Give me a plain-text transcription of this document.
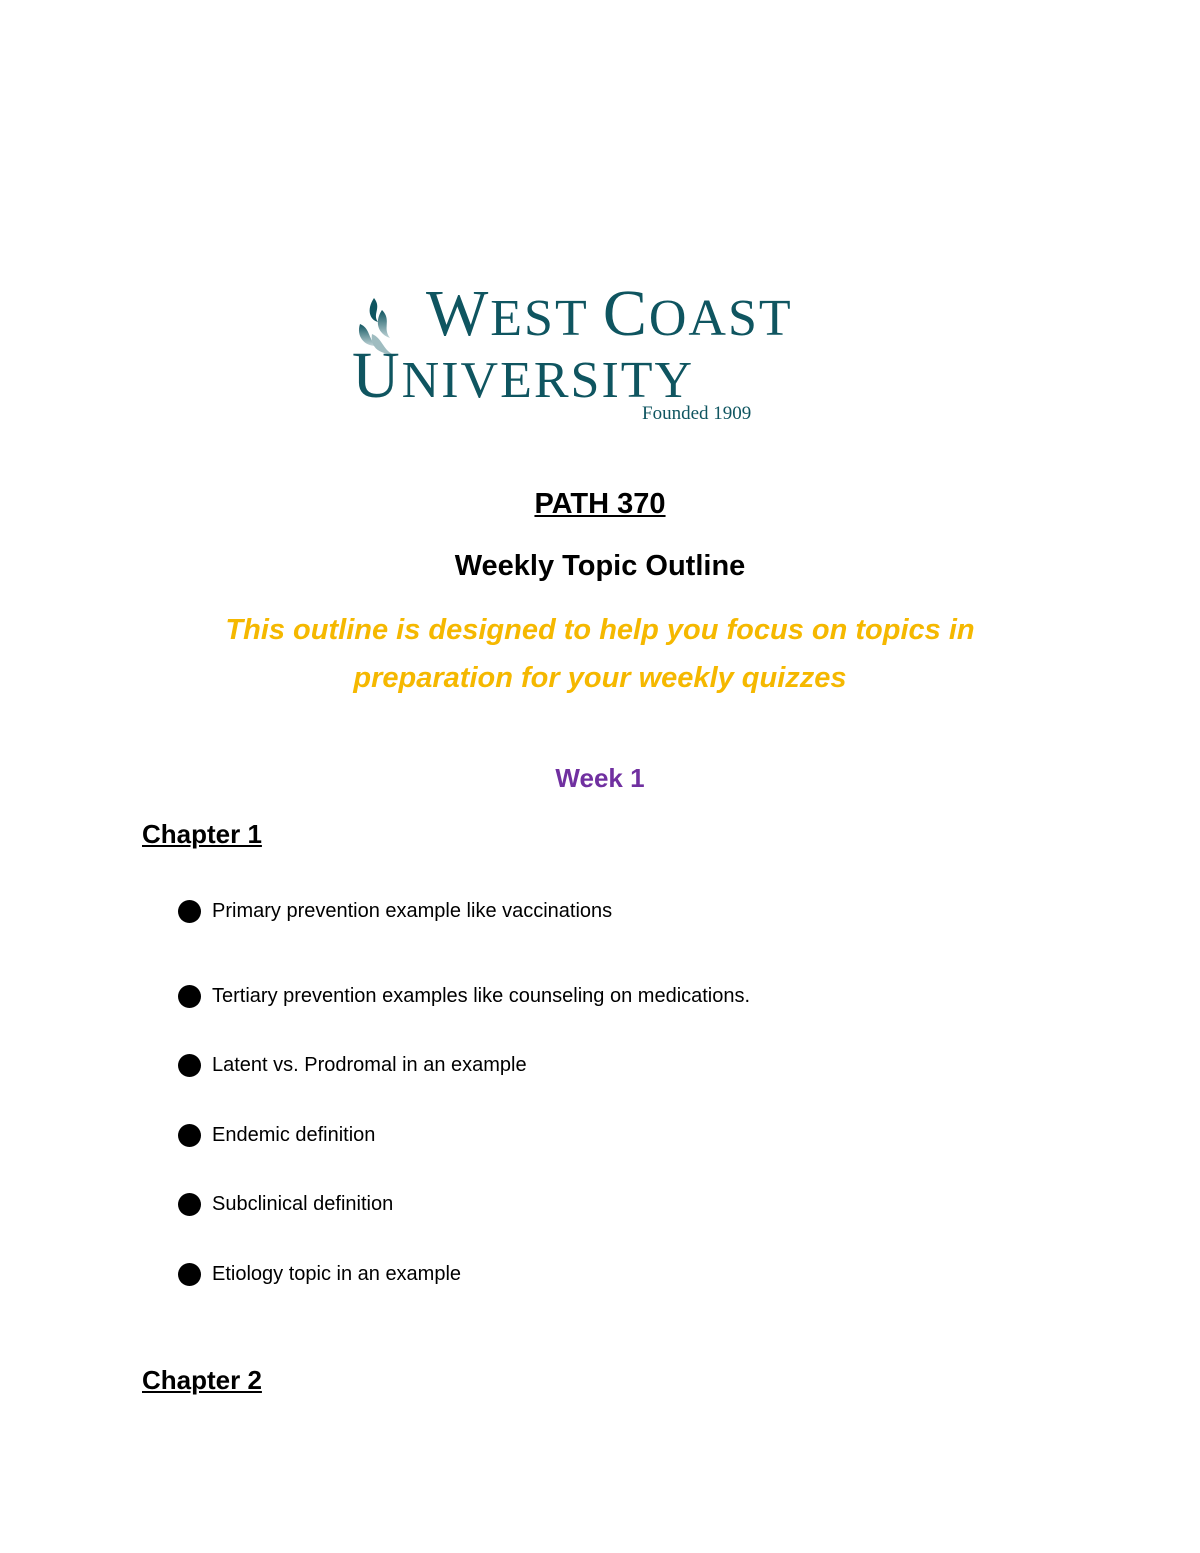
WEST COAST
UNIVERSITY
Founded 1909
PATH 370
Weekly Topic Outline
This outline is designed to help you focus on topics in
preparation for your weekly quizzes
Week 1
Chapter 1
Primary prevention example like vaccinations
Tertiary prevention examples like counseling on medications.
Latent vs. Prodromal in an example
Endemic definition
Subclinical definition
Etiology topic in an example
Chapter 2
